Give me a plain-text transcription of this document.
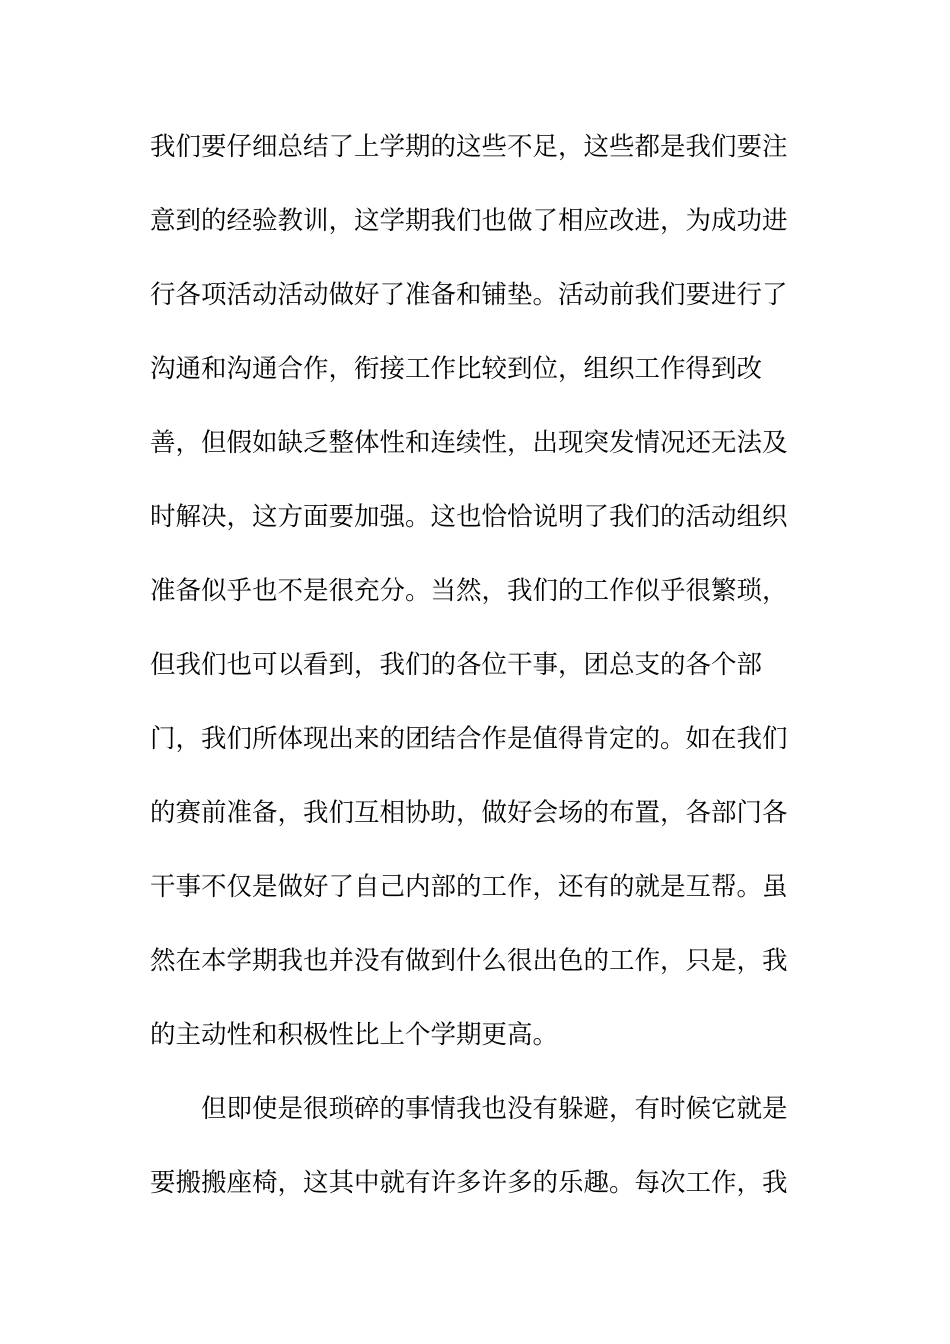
我们要仔细总结了上学期的这些不足，这些都是我们要注
意到的经验教训，这学期我们也做了相应改进，为成功进
行各项活动活动做好了准备和铺垫。活动前我们要进行了
沟通和沟通合作，衔接工作比较到位，组织工作得到改
善，但假如缺乏整体性和连续性，出现突发情况还无法及
时解决，这方面要加强。这也恰恰说明了我们的活动组织
准备似乎也不是很充分。当然，我们的工作似乎很繁琐，
但我们也可以看到，我们的各位干事，团总支的各个部
门，我们所体现出来的团结合作是值得肯定的。如在我们
的赛前准备，我们互相协助，做好会场的布置，各部门各
干事不仅是做好了自己内部的工作，还有的就是互帮。虽
然在本学期我也并没有做到什么很出色的工作，只是，我
的主动性和积极性比上个学期更高。
但即使是很琐碎的事情我也没有躲避，有时候它就是
要搬搬座椅，这其中就有许多许多的乐趣。每次工作，我
